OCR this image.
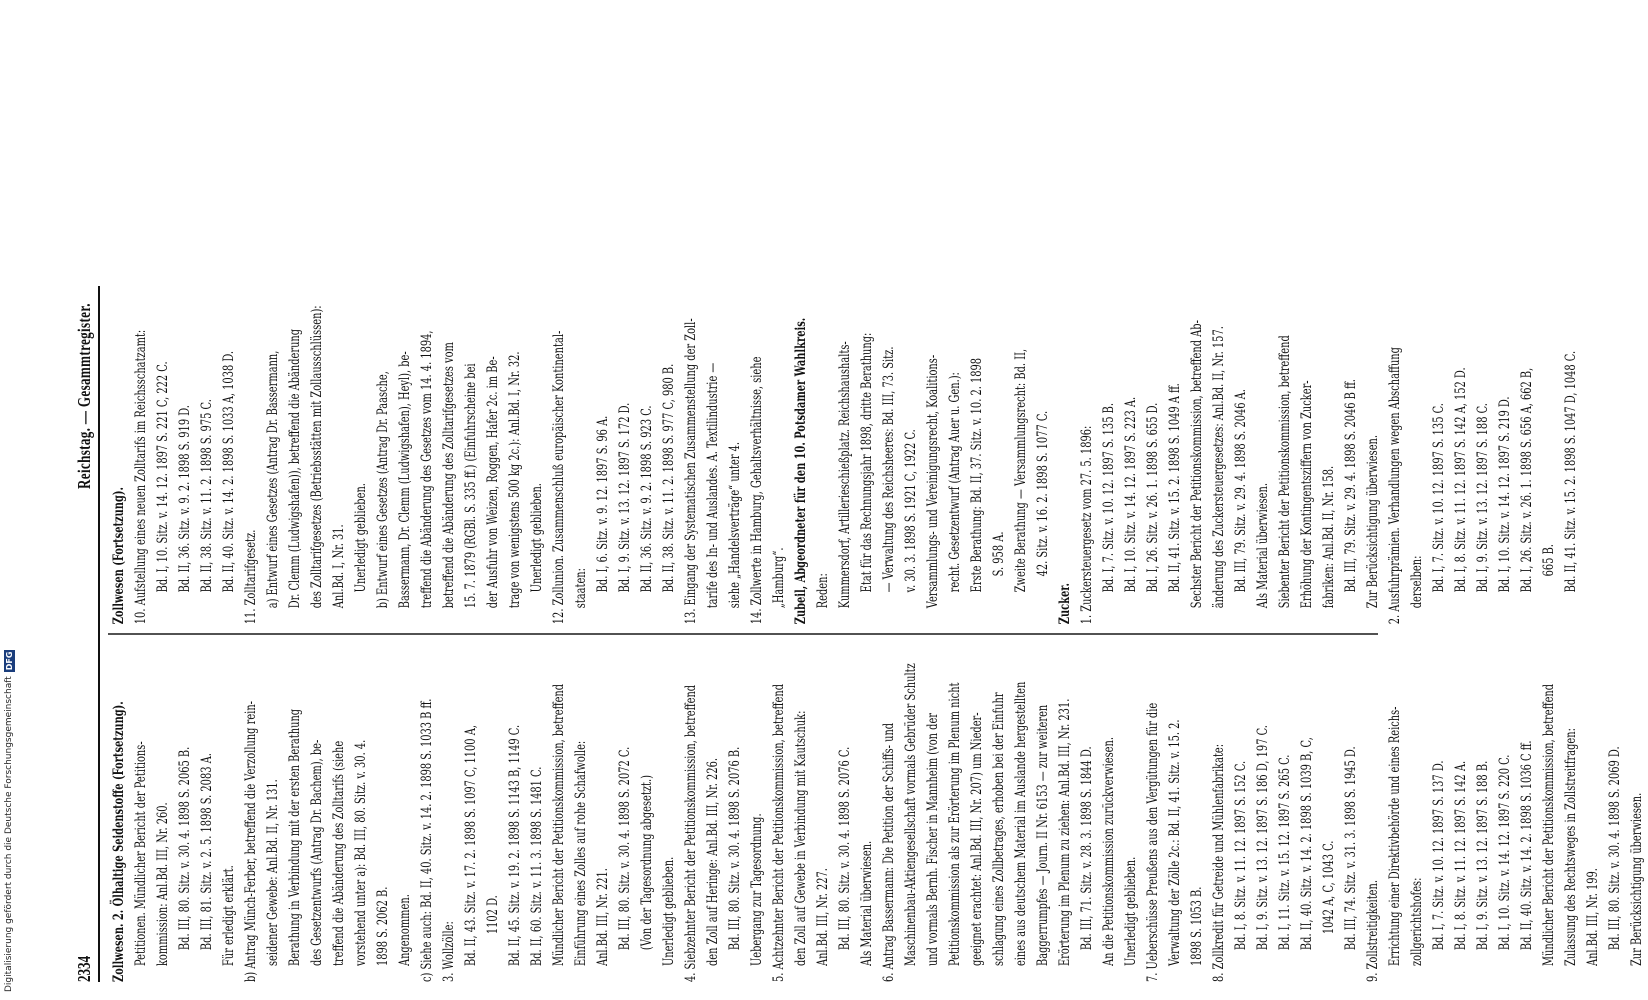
Digitalisierung gefördert durch die Deutsche Forschungsgemeinschaft
DFG
2334
Reichstag. — Gesammtregister.

Zollwesen. 2. Ölhaltige Seidenstoffe (Fortsetzung). Petitionen. Mündlicher Bericht der Petitions- kommission: Anl.Bd. III, Nr. 260. Bd. III, 80. Sitz. v. 30. 4. 1898 S. 2065 B. Bd. III, 81. Sitz. v. 2. 5. 1898 S. 2083 A. Für erledigt erklärt. b) Antrag Münch-Ferber, betreffend die Verzollung rein- seidener Gewebe: Anl.Bd. II, Nr. 131. Berathung in Verbindung mit der ersten Berathung des Gesetzentwurfs (Antrag Dr. Bachem), be- treffend die Abänderung des Zolltarifs (siehe vorstehend unter a): Bd. III, 80. Sitz. v. 30. 4. 1898 S. 2062 B. Angenommen. c) Siehe auch: Bd. II, 40. Sitz. v. 14. 2. 1898 S. 1033 B ff. 3. Wollzölle: Bd. II, 43. Sitz. v. 17. 2. 1898 S. 1097 C, 1100 A, 1102 D. Bd. II, 45. Sitz. v. 19. 2. 1898 S. 1143 B, 1149 C. Bd. II, 60. Sitz. v. 11. 3. 1898 S. 1481 C. Mündlicher Bericht der Petitionskommission, betreffend Einführung eines Zolles auf rohe Schafwolle: Anl.Bd. III, Nr. 221. Bd. III, 80. Sitz. v. 30. 4. 1898 S. 2072 C. (Von der Tagesordnung abgesetzt.) Unerledigt geblieben. 4. Siebzehnter Bericht der Petitionskommission, betreffend den Zoll auf Heringe: Anl.Bd. III, Nr. 226. Bd. III, 80. Sitz. v. 30. 4. 1898 S. 2076 B. Uebergang zur Tagesordnung. 5. Achtzehnter Bericht der Petitionskommission, betreffend den Zoll auf Gewebe in Verbindung mit Kautschuk: Anl.Bd. III, Nr. 227. Bd. III, 80. Sitz. v. 30. 4. 1898 S. 2076 C. Als Material überwiesen. 6. Antrag Bassermann: Die Petition der Schiffs- und Maschinenbau-Aktiengesellschaft vormals Gebrüder Schultz und vormals Bernh. Fischer in Mannheim (von der Petitionskommission als zur Erörterung im Plenum nicht geeignet erachtet: Anl.Bd. III, Nr. 207) um Nieder- schlagung eines Zollbetrages, erhoben bei der Einfuhr eines aus deutschem Material im Auslande hergestellten Baggerrumpfes — Journ. II Nr. 6153 — zur weiteren Erörterung im Plenum zu ziehen: Anl.Bd. III, Nr. 231. Bd. III, 71. Sitz. v. 28. 3. 1898 S. 1844 D. An die Petitionskommission zurückverwiesen. Unerledigt geblieben. 7. Ueberschüsse Preußens aus den Vergütungen für die Verwaltung der Zölle 2c.: Bd. II, 41. Sitz. v. 15. 2. 1898 S. 1053 B. 8. Zollkredit für Getreide und Mühlenfabrikate: Bd. I, 8. Sitz. v. 11. 12. 1897 S. 152 C. Bd. I, 9. Sitz. v. 13. 12. 1897 S. 186 D, 197 C. Bd. I, 11. Sitz. v. 15. 12. 1897 S. 265 C. Bd. II, 40. Sitz. v. 14. 2. 1898 S. 1039 B, C, 1042 A, C, 1043 C. Bd. III, 74. Sitz. v. 31. 3. 1898 S. 1945 D. 9. Zollstreitigkeiten. Errichtung einer Direktivbehörde und eines Reichs- zollgerichtshofes: Bd. I, 7. Sitz. v. 10. 12. 1897 S. 137 D. Bd. I, 8. Sitz. v. 11. 12. 1897 S. 142 A. Bd. I, 9. Sitz. v. 13. 12. 1897 S. 188 B. Bd. I, 10. Sitz. v. 14. 12. 1897 S. 220 C. Bd. II, 40. Sitz. v. 14. 2. 1898 S. 1036 C ff. Mündlicher Bericht der Petitionskommission, betreffend Zulassung des Rechtsweges in Zollstreitfragen: Anl.Bd. III, Nr. 199. Bd. III, 80. Sitz. v. 30. 4. 1898 S. 2069 D. Zur Berücksichtigung überwiesen.

Zollwesen (Fortsetzung). 10. Aufstellung eines neuen Zolltarifs im Reichsschatzamt: Bd. I, 10. Sitz. v. 14. 12. 1897 S. 221 C, 222 C. Bd. II, 36. Sitz. v. 9. 2. 1898 S. 919 D. Bd. II, 38. Sitz. v. 11. 2. 1898 S. 975 C. Bd. II, 40. Sitz. v. 14. 2. 1898 S. 1033 A, 1038 D. 11. Zolltarifgesetz. a) Entwurf eines Gesetzes (Antrag Dr. Bassermann, Dr. Clemm (Ludwigshafen)), betreffend die Abänderung des Zolltarifgesetzes (Betriebsstätten mit Zollausschlüssen): Anl.Bd. I, Nr. 31. Unerledigt geblieben. b) Entwurf eines Gesetzes (Antrag Dr. Paasche, Bassermann, Dr. Clemm (Ludwigshafen), Heyl), be- treffend die Abänderung des Gesetzes vom 14. 4. 1894, betreffend die Abänderung des Zolltarifgesetzes vom 15. 7. 1879 (RGBl. S. 335 ff.) (Einfuhrscheine bei der Ausfuhr von Weizen, Roggen, Hafer 2c. im Be- trage von wenigstens 500 kg 2c.): Anl.Bd. I, Nr. 32. Unerledigt geblieben. 12. Zollunion. Zusammenschluß europäischer Kontinental- staaten: Bd. I, 6. Sitz. v. 9. 12. 1897 S. 96 A. Bd. I, 9. Sitz. v. 13. 12. 1897 S. 172 D. Bd. II, 36. Sitz. v. 9. 2. 1898 S. 923 C. Bd. II, 38. Sitz. v. 11. 2. 1898 S. 977 C, 980 B. 13. Eingang der Systematischen Zusammenstellung der Zoll- tarife des In- und Auslandes. A. Textilindustrie — siehe „Handelsverträge“ unter 4. 14. Zollwerte in Hamburg, Gehaltsverhältnisse, siehe „Hamburg“. Zubeil, Abgeordneter für den 10. Potsdamer Wahlkreis. Reden: Kummersdorf, Artillerieschießplatz. Reichshaushalts- Etat für das Rechnungsjahr 1898, dritte Berathung: — Verwaltung des Reichsheeres: Bd. III, 73. Sitz. v. 30. 3. 1898 S. 1921 C, 1922 C. Versammlungs- und Vereinigungsrecht, Koalitions- recht. Gesetzentwurf (Antrag Auer u. Gen.): Erste Berathung: Bd. II, 37. Sitz. v. 10. 2. 1898 S. 958 A. Zweite Berathung — Versammlungsrecht: Bd. II, 42. Sitz. v. 16. 2. 1898 S. 1077 C.

Zucker. 1. Zuckersteuergesetz vom 27. 5. 1896: Bd. I, 7. Sitz. v. 10. 12. 1897 S. 135 B. Bd. I, 10. Sitz. v. 14. 12. 1897 S. 223 A. Bd. I, 26. Sitz. v. 26. 1. 1898 S. 655 D. Bd. II, 41. Sitz. v. 15. 2. 1898 S. 1049 A ff. Sechster Bericht der Petitionskommission, betreffend Ab- änderung des Zuckersteuergesetzes: Anl.Bd. II, Nr. 157. Bd. III, 79. Sitz. v. 29. 4. 1898 S. 2046 A. Als Material überwiesen. Siebenter Bericht der Petitionskommission, betreffend Erhöhung der Kontingentsziffern von Zucker- fabriken: Anl.Bd. II, Nr. 158. Bd. III, 79. Sitz. v. 29. 4. 1898 S. 2046 B ff. Zur Berücksichtigung überwiesen. 2. Ausfuhrprämien. Verhandlungen wegen Abschaffung derselben: Bd. I, 7. Sitz. v. 10. 12. 1897 S. 135 C. Bd. I, 8. Sitz. v. 11. 12. 1897 S. 142 A, 152 D. Bd. I, 9. Sitz. v. 13. 12. 1897 S. 188 C. Bd. I, 10. Sitz. v. 14. 12. 1897 S. 219 D. Bd. I, 26. Sitz. v. 26. 1. 1898 S. 656 A, 662 B, 665 B. Bd. II, 41. Sitz. v. 15. 2. 1898 S. 1047 D, 1048 C.
